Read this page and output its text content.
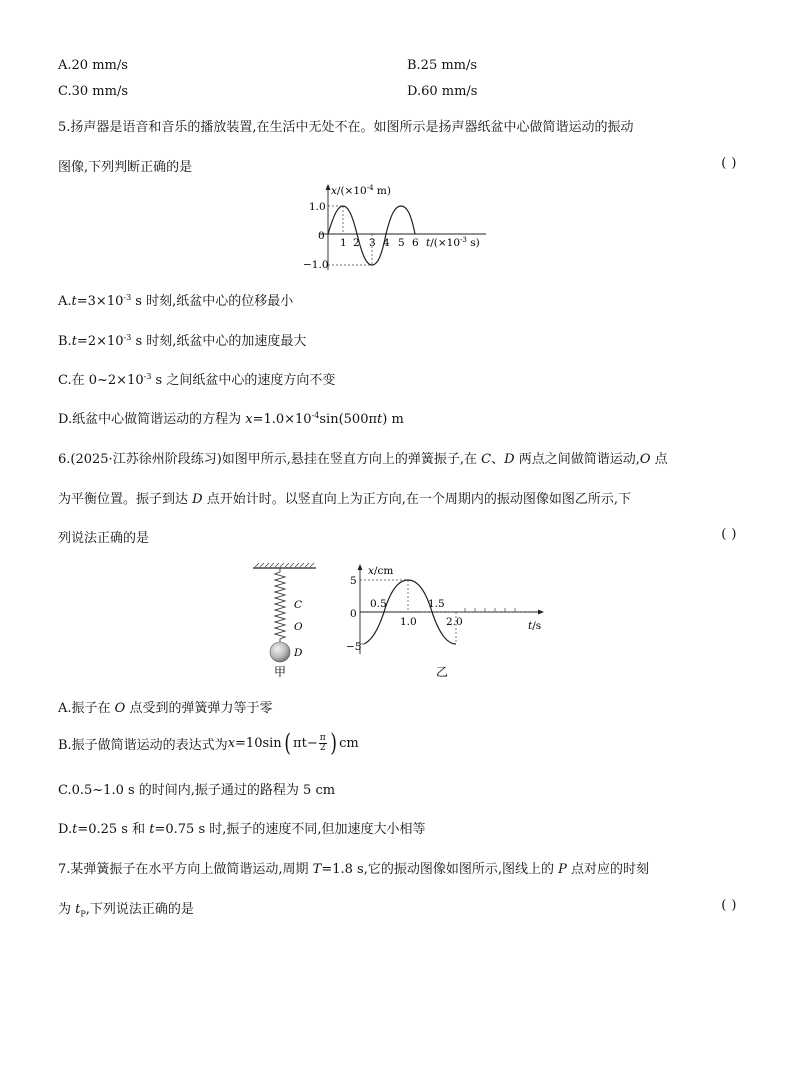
A.20 mm/s	B.25 mm/s
C.30 mm/s	D.60 mm/s
5.扬声器是语音和音乐的播放装置,在生活中无处不在。如图所示是扬声器纸盆中心做简谐运动的振动
图像,下列判断正确的是	( )
$x/(\times 10^{-4}$ m)
1.0
−1.0
0
1 2 3 4 5 6 $t/(\times 10^{-3}$ s)
$A.t=3\times 10^{-3}$ s 时刻,纸盆中心的位移最小
$B.t=2\times 10^{-3}$ s 时刻,纸盆中心的加速度最大
C.在 $0\sim 2\times 10^{-3}$ s 之间纸盆中心的速度方向不变
D.纸盆中心做简谐运动的方程为 $x=1.0\times 10^{-4}\sin(500\pi t)$ m
6.(2025·江苏徐州阶段练习)如图甲所示,悬挂在竖直方向上的弹簧振子,在 C、D 两点之间做简谐运动,O 点
为平衡位置。振子到达 D 点开始计时。以竖直向上为正方向,在一个周期内的振动图像如图乙所示,下
列说法正确的是	( )
C
O
D
甲
x/cm
5
−5
0
0.5
1.0
1.5
2.0	t/s
乙
A.振子在 O 点受到的弹簧弹力等于零
B.振子做简谐运动的表达式为 x =10sin ( $\pi t- \frac{\pi}{2}$ ) cm
C.0.5~1.0 s 的时间内,振子通过的路程为 5 cm
D.t=0.25 s 和 t=0.75 s 时,振子的速度不同,但加速度大小相等
7.某弹簧振子在水平方向上做简谐运动,周期 T=1.8 s,它的振动图像如图所示,图线上的 P 点对应的时刻
为 $t_P$,下列说法正确的是	( )
